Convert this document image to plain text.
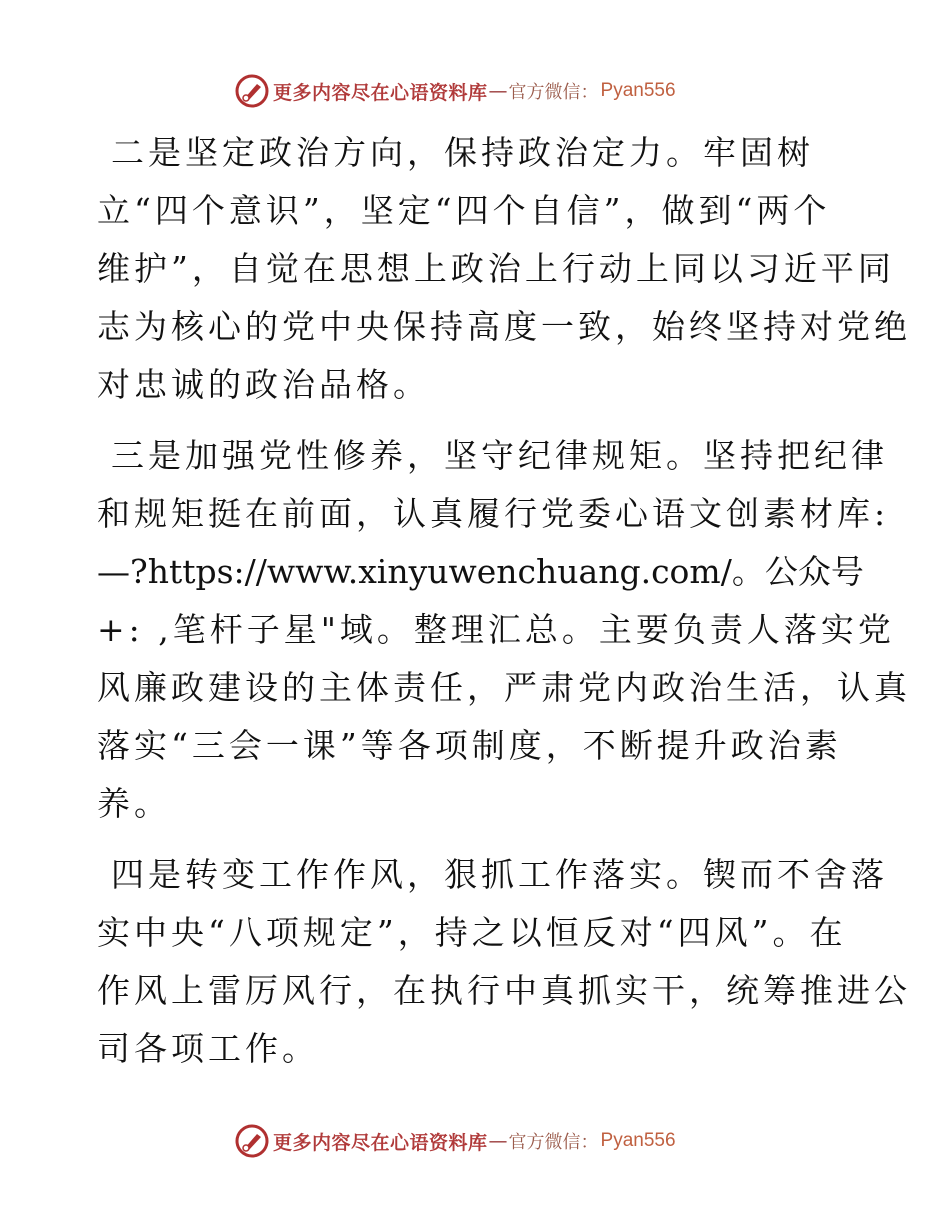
更多内容尽在心语资料库 — 官方微信： Pyan556
二是坚定政治方向，保持政治定力。牢固树
立“四个意识”，坚定“四个自信”，做到“两个
维护”，自觉在思想上政治上行动上同以习近平同
志为核心的党中央保持高度一致，始终坚持对党绝
对忠诚的政治品格。
三是加强党性修养，坚守纪律规矩。坚持把纪律
和规矩挺在前面，认真履行党委心语文创素材库:
—?https://www.xinyuwenchuang.com/。公众号
+: ,笔杆子星"域。整理汇总。主要负责人落实党
风廉政建设的主体责任，严肃党内政治生活，认真
落实“三会一课”等各项制度，不断提升政治素
养。
四是转变工作作风，狠抓工作落实。锲而不舍落
实中央“八项规定”，持之以恒反对“四风”。在
作风上雷厉风行，在执行中真抓实干，统筹推进公
司各项工作。
更多内容尽在心语资料库 — 官方微信： Pyan556
